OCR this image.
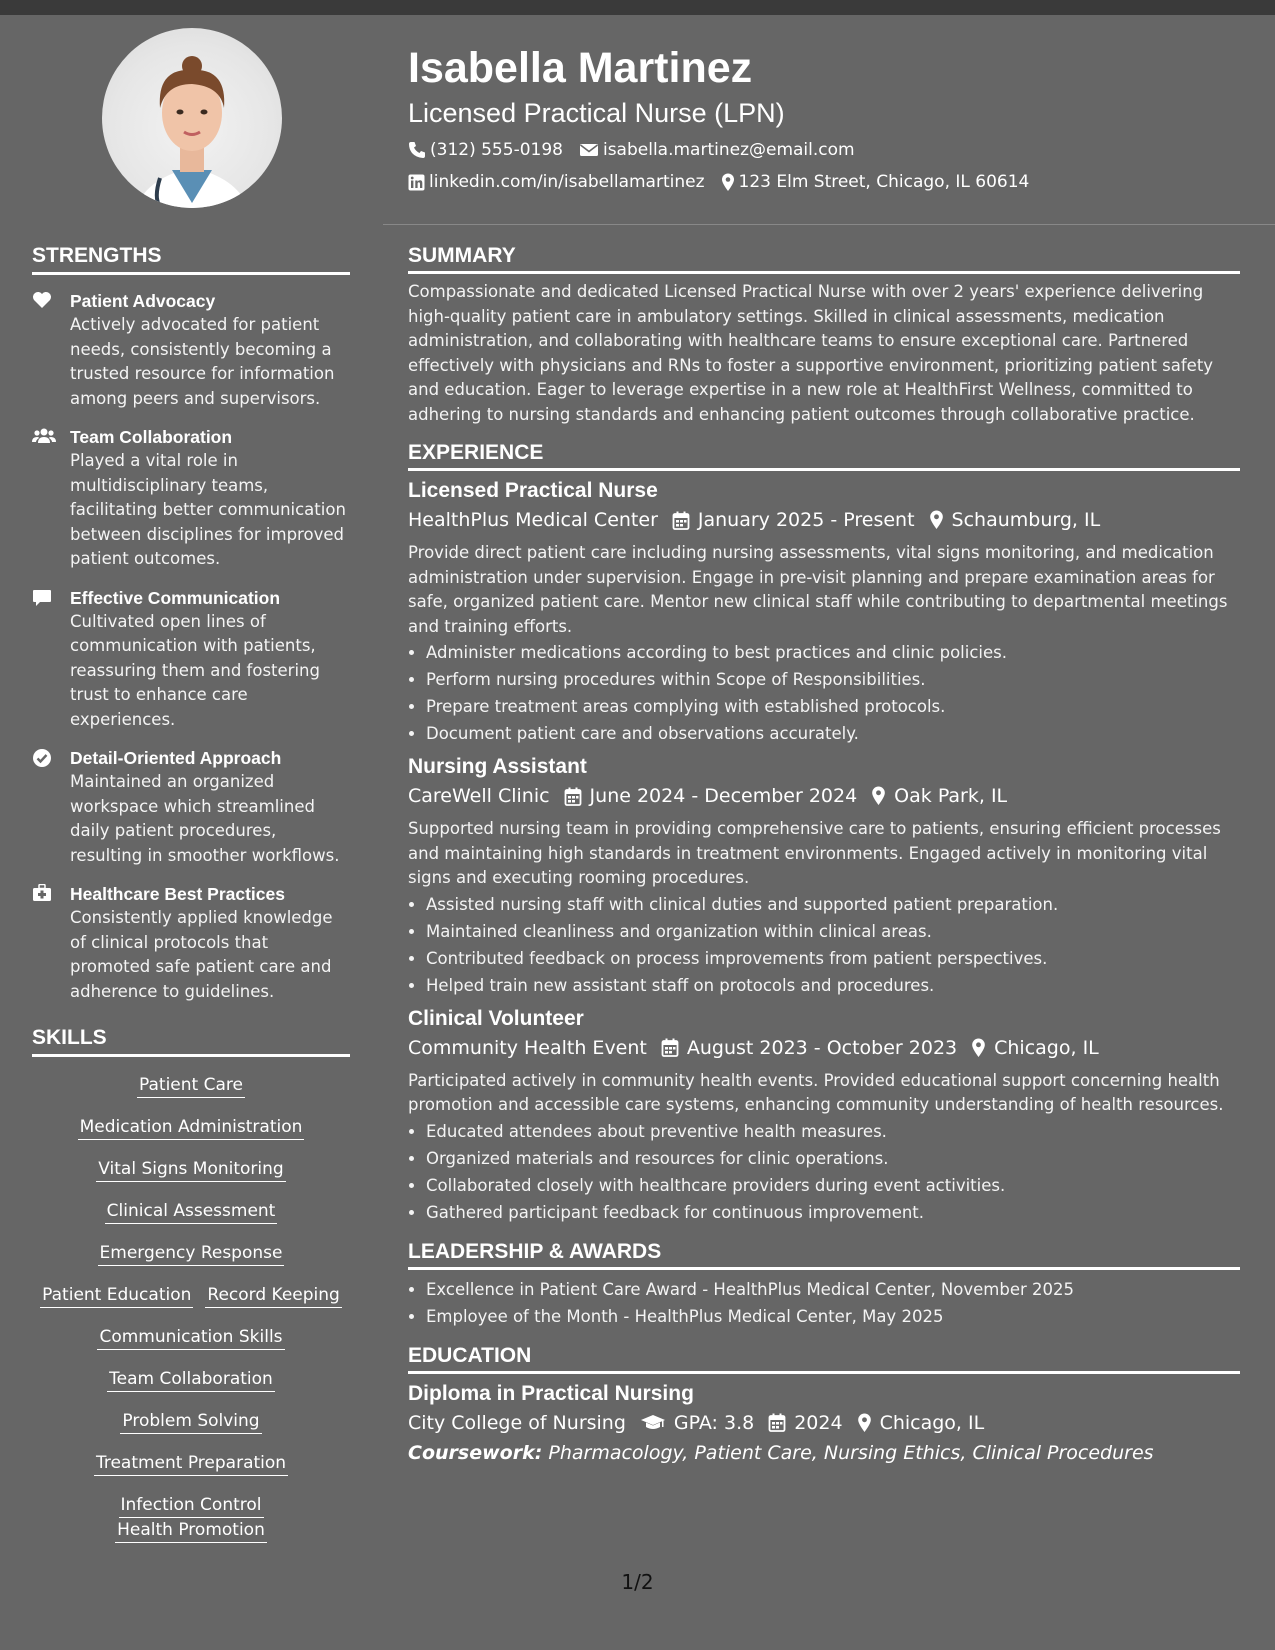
STRENGTHS
Patient Advocacy
Actively advocated for patient needs, consistently becoming a trusted resource for information among peers and supervisors.
Team Collaboration
Played a vital role in multidisciplinary teams, facilitating better communication between disciplines for improved patient outcomes.
Effective Communication
Cultivated open lines of communication with patients, reassuring them and fostering trust to enhance care experiences.
Detail-Oriented Approach
Maintained an organized workspace which streamlined daily patient procedures, resulting in smoother workflows.
Healthcare Best Practices
Consistently applied knowledge of clinical protocols that promoted safe patient care and adherence to guidelines.
SKILLS
Patient Care
Medication Administration
Vital Signs Monitoring
Clinical Assessment
Emergency Response
Patient Education Record Keeping
Communication Skills
Team Collaboration
Problem Solving
Treatment Preparation
Infection ControlHealth Promotion
Isabella Martinez
Licensed Practical Nurse (LPN)
(312) 555-0198 isabella.martinez@email.com
linkedin.com/in/isabellamartinez 123 Elm Street, Chicago, IL 60614
SUMMARY
Compassionate and dedicated Licensed Practical Nurse with over 2 years' experience delivering high-quality patient care in ambulatory settings. Skilled in clinical assessments, medication administration, and collaborating with healthcare teams to ensure exceptional care. Partnered effectively with physicians and RNs to foster a supportive environment, prioritizing patient safety and education. Eager to leverage expertise in a new role at HealthFirst Wellness, committed to adhering to nursing standards and enhancing patient outcomes through collaborative practice.
EXPERIENCE
Licensed Practical Nurse
HealthPlus Medical Center January 2025 - Present Schaumburg, IL
Provide direct patient care including nursing assessments, vital signs monitoring, and medication administration under supervision. Engage in pre-visit planning and prepare examination areas for safe, organized patient care. Mentor new clinical staff while contributing to departmental meetings and training efforts.
• Administer medications according to best practices and clinic policies.
• Perform nursing procedures within Scope of Responsibilities.
• Prepare treatment areas complying with established protocols.
• Document patient care and observations accurately.
Nursing Assistant
CareWell Clinic June 2024 - December 2024 Oak Park, IL
Supported nursing team in providing comprehensive care to patients, ensuring efficient processes and maintaining high standards in treatment environments. Engaged actively in monitoring vital signs and executing rooming procedures.
• Assisted nursing staff with clinical duties and supported patient preparation.
• Maintained cleanliness and organization within clinical areas.
• Contributed feedback on process improvements from patient perspectives.
• Helped train new assistant staff on protocols and procedures.
Clinical Volunteer
Community Health Event August 2023 - October 2023 Chicago, IL
Participated actively in community health events. Provided educational support concerning health promotion and accessible care systems, enhancing community understanding of health resources.
• Educated attendees about preventive health measures.
• Organized materials and resources for clinic operations.
• Collaborated closely with healthcare providers during event activities.
• Gathered participant feedback for continuous improvement.
LEADERSHIP & AWARDS
• Excellence in Patient Care Award - HealthPlus Medical Center, November 2025
• Employee of the Month - HealthPlus Medical Center, May 2025
EDUCATION
Diploma in Practical Nursing
City College of Nursing	GPA: 3.8 2024 Chicago, IL
Coursework: Pharmacology, Patient Care, Nursing Ethics, Clinical Procedures
1/2
